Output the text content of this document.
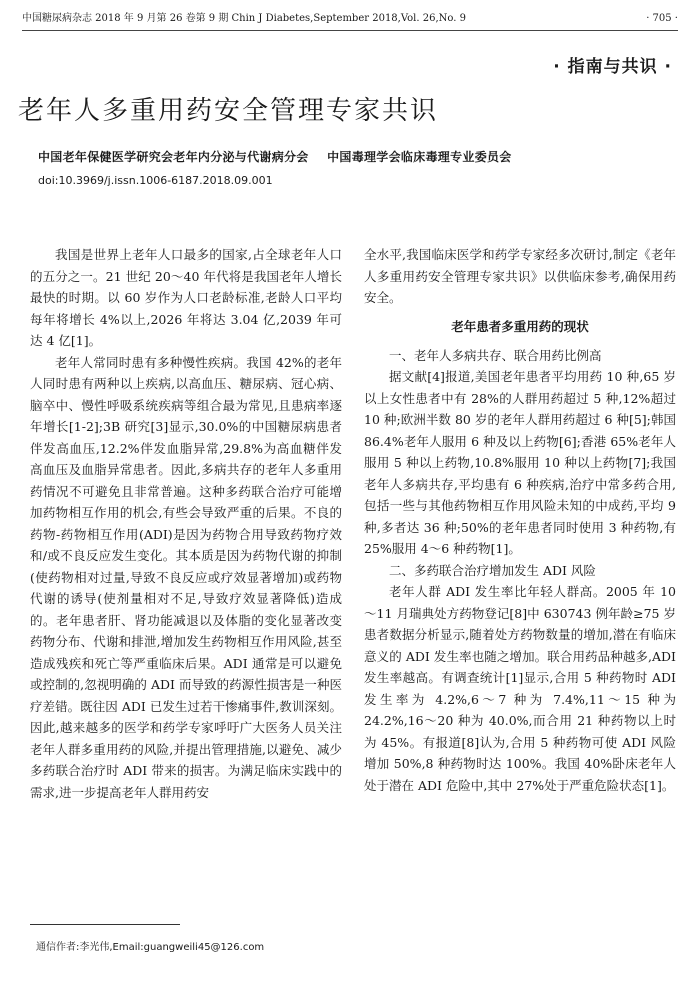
中国糖尿病杂志 2018 年 9 月第 26 卷第 9 期 Chin J Diabetes,September 2018,Vol. 26,No. 9	· 705 ·
· 指南与共识 ·
老年人多重用药安全管理专家共识
中国老年保健医学研究会老年内分泌与代谢病分会 中国毒理学会临床毒理专业委员会
doi:10.3969/j.issn.1006-6187.2018.09.001

我国是世界上老年人口最多的国家,占全球老年人口的五分之一。21 世纪 20～40 年代将是我国老年人增长最快的时期。以 60 岁作为人口老龄标准,老龄人口平均每年将增长 4%以上,2026 年将达 3.04 亿,2039 年可达 4 亿[1]。

老年人常同时患有多种慢性疾病。我国 42%的老年人同时患有两种以上疾病,以高血压、糖尿病、冠心病、脑卒中、慢性呼吸系统疾病等组合最为常见,且患病率逐年增长[1-2];3B 研究[3]显示,30.0%的中国糖尿病患者伴发高血压,12.2%伴发血脂异常,29.8%为高血糖伴发高血压及血脂异常患者。因此,多病共存的老年人多重用药情况不可避免且非常普遍。这种多药联合治疗可能增加药物相互作用的机会,有些会导致严重的后果。不良的药物-药物相互作用(ADI)是因为药物合用导致药物疗效和/或不良反应发生变化。其本质是因为药物代谢的抑制(使药物相对过量,导致不良反应或疗效显著增加)或药物代谢的诱导(使剂量相对不足,导致疗效显著降低)造成的。老年患者肝、肾功能减退以及体脂的变化显著改变药物分布、代谢和排泄,增加发生药物相互作用风险,甚至造成残疾和死亡等严重临床后果。ADI 通常是可以避免或控制的,忽视明确的 ADI 而导致的药源性损害是一种医疗差错。既往因 ADI 已发生过若干惨痛事件,教训深刻。因此,越来越多的医学和药学专家呼吁广大医务人员关注老年人群多重用药的风险,并提出管理措施,以避免、减少多药联合治疗时 ADI 带来的损害。为满足临床实践中的需求,进一步提高老年人群用药安

全水平,我国临床医学和药学专家经多次研讨,制定《老年人多重用药安全管理专家共识》以供临床参考,确保用药安全。

老年患者多重用药的现状
一、老年人多病共存、联合用药比例高

据文献[4]报道,美国老年患者平均用药 10 种,65 岁以上女性患者中有 28%的人群用药超过 5 种,12%超过 10 种;欧洲半数 80 岁的老年人群用药超过 6 种[5];韩国 86.4%老年人服用 6 种及以上药物[6];香港 65%老年人服用 5 种以上药物,10.8%服用 10 种以上药物[7];我国老年人多病共存,平均患有 6 种疾病,治疗中常多药合用,包括一些与其他药物相互作用风险未知的中成药,平均 9 种,多者达 36 种;50%的老年患者同时使用 3 种药物,有 25%服用 4～6 种药物[1]。

二、多药联合治疗增加发生 ADI 风险

老年人群 ADI 发生率比年轻人群高。2005 年 10～11 月瑞典处方药物登记[8]中 630743 例年龄≥75 岁患者数据分析显示,随着处方药物数量的增加,潜在有临床意义的 ADI 发生率也随之增加。联合用药品种越多,ADI 发生率越高。有调查统计[1]显示,合用 5 种药物时 ADI 发生率为 4.2%,6～7 种为 7.4%,11～15 种为 24.2%,16～20 种为 40.0%,而合用 21 种药物以上时为 45%。有报道[8]认为,合用 5 种药物可使 ADI 风险增加 50%,8 种药物时达 100%。我国 40%卧床老年人处于潜在 ADI 危险中,其中 27%处于严重危险状态[1]。

通信作者:李光伟,Email:guangweili45@126.com
